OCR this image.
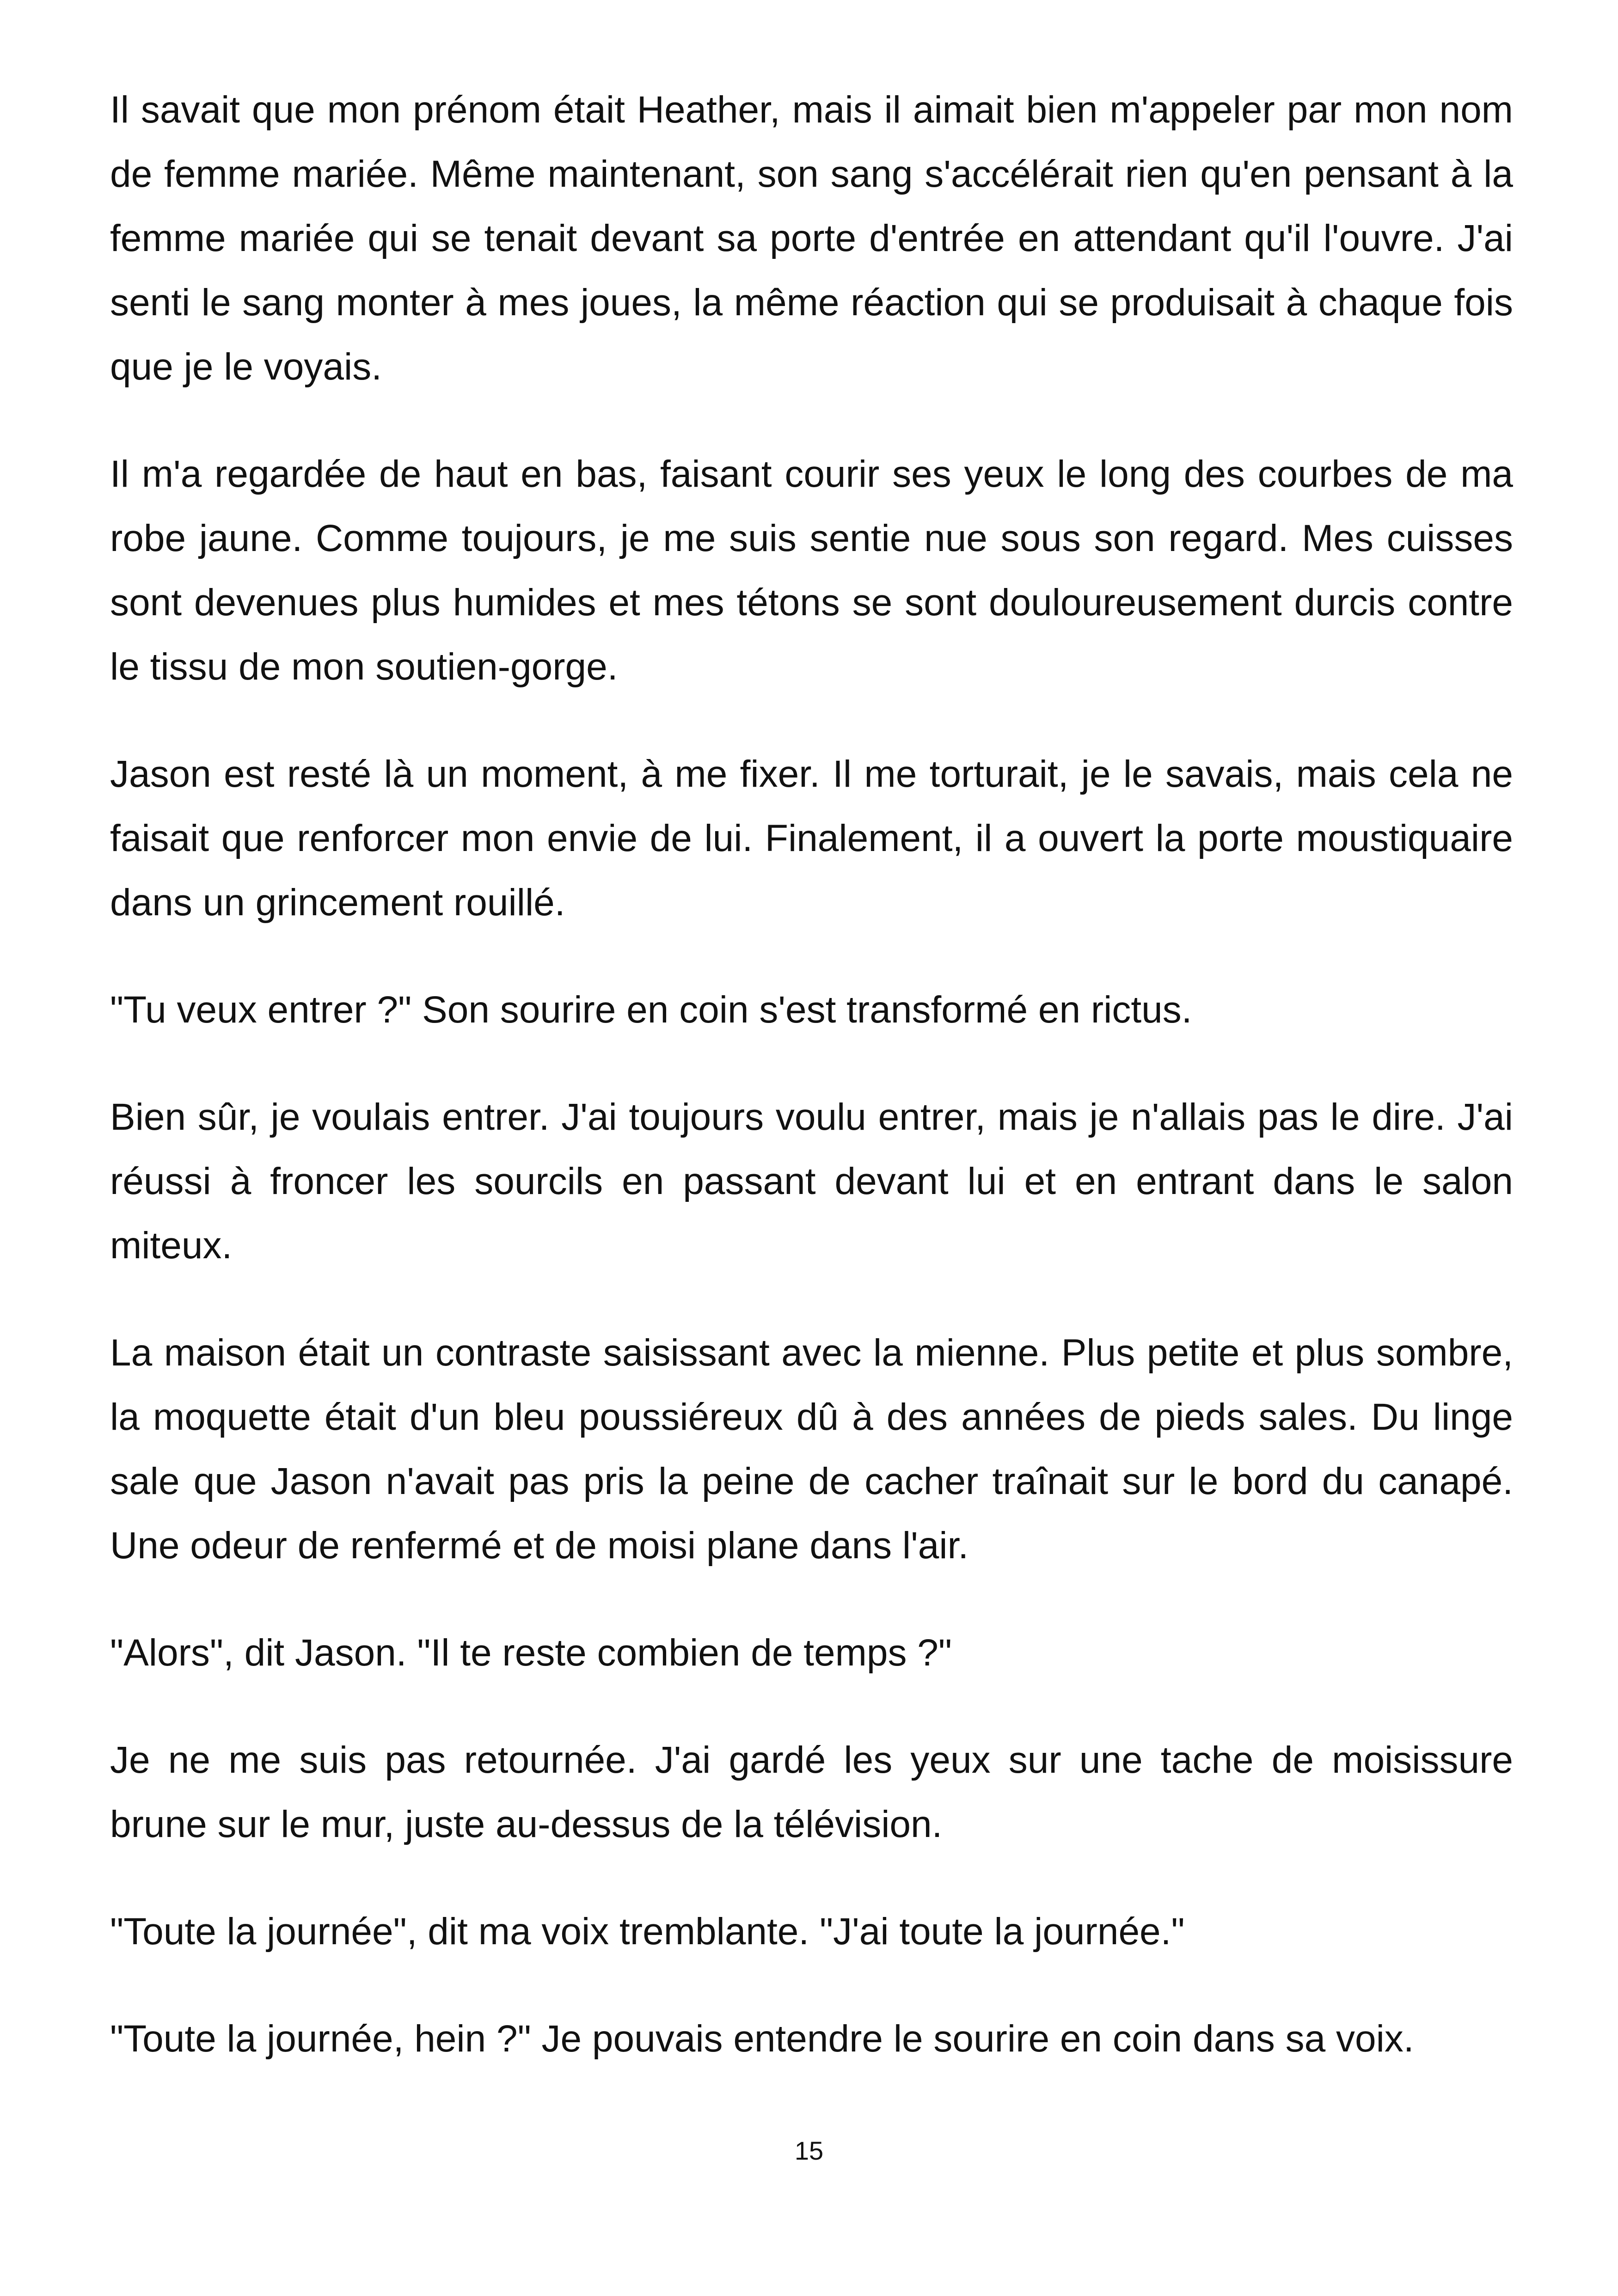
Il savait que mon prénom était Heather, mais il aimait bien m'appeler par mon nom de femme mariée. Même maintenant, son sang s'accélérait rien qu'en pensant à la femme mariée qui se tenait devant sa porte d'entrée en attendant qu'il l'ouvre. J'ai senti le sang monter à mes joues, la même réaction qui se produisait à chaque fois que je le voyais.

Il m'a regardée de haut en bas, faisant courir ses yeux le long des courbes de ma robe jaune. Comme toujours, je me suis sentie nue sous son regard. Mes cuisses sont devenues plus humides et mes tétons se sont douloureusement durcis contre le tissu de mon soutien-gorge.

Jason est resté là un moment, à me fixer. Il me torturait, je le savais, mais cela ne faisait que renforcer mon envie de lui. Finalement, il a ouvert la porte moustiquaire dans un grincement rouillé.

"Tu veux entrer ?" Son sourire en coin s'est transformé en rictus.

Bien sûr, je voulais entrer. J'ai toujours voulu entrer, mais je n'allais pas le dire. J'ai réussi à froncer les sourcils en passant devant lui et en entrant dans le salon miteux.

La maison était un contraste saisissant avec la mienne. Plus petite et plus sombre, la moquette était d'un bleu poussiéreux dû à des années de pieds sales. Du linge sale que Jason n'avait pas pris la peine de cacher traînait sur le bord du canapé. Une odeur de renfermé et de moisi plane dans l'air.

"Alors", dit Jason. "Il te reste combien de temps ?"

Je ne me suis pas retournée. J'ai gardé les yeux sur une tache de moisissure brune sur le mur, juste au-dessus de la télévision.

"Toute la journée", dit ma voix tremblante. "J'ai toute la journée."

"Toute la journée, hein ?" Je pouvais entendre le sourire en coin dans sa voix.

15
